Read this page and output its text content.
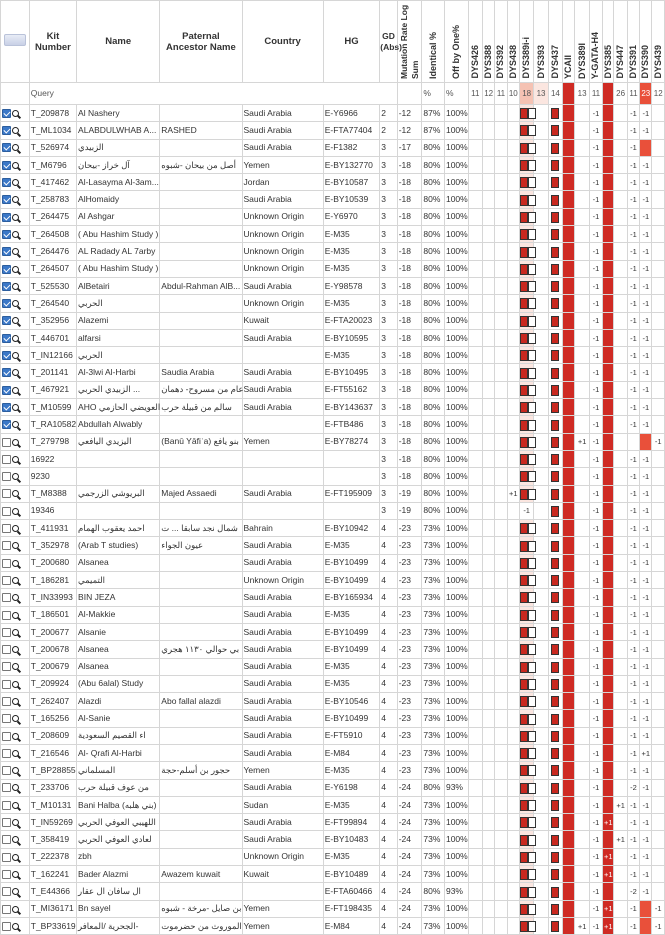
	Kit Number	Name	Paternal Ancestor Name	Country	HG	GD (Abs)	Mutation Rate Log Sum	Identical %	Off by One%	DYS426	DYS388	DYS392	DYS438	DYS389i-i	DYS393	DYS437	YCAII	DYS389I	Y-GATA-H4	DYS385	DYS447	DYS391	DYS390	DYS439

	Query							%	%	11	12	11	10	18	13	14		13	11		26	11	23	12
	T_209878	Al Nashery		Saudi Arabia	E-Y6966	2	-12	87%	100%										-1			-1	-1	
	T_ML1034	ALABDULWHAB A...	RASHED	Saudi Arabia	E-FTA77404	2	-12	87%	100%										-1			-1	-1	
	T_526974	الزبيدي		Saudi Arabia	E-F1382	3	-17	80%	100%										-1			-1		
	T_M6796	آل خراز -بيحان	أصل من بيحان -شبوه	Yemen	E-BY132770	3	-18	80%	100%										-1			-1	-1	
	T_417462	Al-Lasayma Al-3am...		Jordan	E-BY10587	3	-18	80%	100%										-1			-1	-1	
	T_258783	AlHomaidy		Saudi Arabia	E-BY10539	3	-18	80%	100%										-1			-1	-1	
	T_264475	Al Ashgar		Unknown Origin	E-Y6970	3	-18	80%	100%										-1			-1	-1	
	T_264508	( Abu Hashim Study )		Unknown Origin	E-M35	3	-18	80%	100%										-1			-1	-1	
	T_264476	AL Radady AL 7arby		Unknown Origin	E-M35	3	-18	80%	100%										-1			-1	-1	
	T_264507	( Abu Hashim Study )		Unknown Origin	E-M35	3	-18	80%	100%										-1			-1	-1	
	T_525530	AlBetairi	Abdul-Rahman AlB...	Saudi Arabia	E-Y98578	3	-18	80%	100%										-1			-1	-1	
	T_264540	الحربي		Unknown Origin	E-M35	3	-18	80%	100%										-1			-1	-1	
	T_352956	Alazemi		Kuwait	E-FTA20023	3	-18	80%	100%										-1			-1	-1	
	T_446701	alfarsi		Saudi Arabia	E-BY10595	3	-18	80%	100%										-1			-1	-1	
	T_IN12166	الحربي			E-M35	3	-18	80%	100%										-1			-1	-1	
	T_201141	Al-3lwi Al-Harbi	Saudia Arabia	Saudi Arabia	E-BY10495	3	-18	80%	100%										-1			-1	-1	
	T_467921	الزبيدي الحربي ...	عام من مسروح- دهمان	Saudi Arabia	E-FT55162	3	-18	80%	100%										-1			-1	-1	
	T_M10599	AHO العويضي الحازمي	سالم من قبيلة حرب	Saudi Arabia	E-BY143637	3	-18	80%	100%										-1			-1	-1	
	T_RA10582	Abdullah Alwably			E-FTB486	3	-18	80%	100%										-1			-1	-1	
	T_279798	اليزيدي اليافعي	(Banū Yāfiʿa) بنو يافع	Yemen	E-BY78274	3	-18	80%	100%									+1	-1					-1
	16922					3	-18	80%	100%										-1			-1	-1	
	9230					3	-18	80%	100%										-1			-1	-1	
	T_M8388	البريوشي الزرجمي	Majed Assaedi	Saudi Arabia	E-FT195909	3	-19	80%	100%				+1						-1			-1	-1	
	19346					3	-19	80%	100%					-1					-1			-1	-1	
	T_411931	احمد يعقوب الهمام	شمال نجد سابقا ... ت	Bahrain	E-BY10942	4	-23	73%	100%										-1			-1	-1	
	T_352978	(Arab T studies)	عيون الجواء	Saudi Arabia	E-M35	4	-23	73%	100%										-1			-1	-1	
	T_200680	Alsanea		Saudi Arabia	E-BY10499	4	-23	73%	100%										-1			-1	-1	
	T_186281	التميمي		Unknown Origin	E-BY10499	4	-23	73%	100%										-1			-1	-1	
	T_IN33993	BIN JEZA		Saudi Arabia	E-BY165934	4	-23	73%	100%										-1			-1	-1	
	T_186501	Al-Makkie		Saudi Arabia	E-M35	4	-23	73%	100%										-1			-1	-1	
	T_200677	Alsanie		Saudi Arabia	E-BY10499	4	-23	73%	100%										-1			-1	-1	
	T_200678	Alsanea	بي حوالي ١١٣٠ هجري	Saudi Arabia	E-BY10499	4	-23	73%	100%										-1			-1	-1	
	T_200679	Alsanea		Saudi Arabia	E-M35	4	-23	73%	100%										-1			-1	-1	
	T_209924	(Abu 6alal) Study		Saudi Arabia	E-M35	4	-23	73%	100%										-1			-1	-1	
	T_262407	Alazdi	Abo fallal alazdi	Saudi Arabia	E-BY10546	4	-23	73%	100%										-1			-1	-1	
	T_165256	Al-Sanie		Saudi Arabia	E-BY10499	4	-23	73%	100%										-1			-1	-1	
	T_208609	اء القصيم السعودية		Saudi Arabia	E-FT5910	4	-23	73%	100%										-1			-1	-1	
	T_216546	Al- Qrafi Al-Harbi		Saudi Arabia	E-M84	4	-23	73%	100%										-1			-1	+1	
	T_BP28855	المسلماني	حجور بن أسلم-حجة	Yemen	E-M35	4	-23	73%	100%										-1			-1	-1	
	T_233706	من عوف قبيلة حرب		Saudi Arabia	E-Y6198	4	-24	80%	93%										-1			-2	-1	
	T_M10131	Bani Halba (بني هلبه)		Sudan	E-M35	4	-24	73%	100%										-1		+1	-1	-1	
	T_IN59269	اللهيبي العوفي الحربي		Saudi Arabia	E-FT99894	4	-24	73%	100%										-1	+1		-1	-1	
	T_358419	لعادي العوفي الحربي		Saudi Arabia	E-BY10483	4	-24	73%	100%										-1		+1	-1	-1	
	T_222378	zbh		Unknown Origin	E-M35	4	-24	73%	100%										-1	+1		-1	-1	
	T_162241	Bader Alazmi	Awazem kuwait	Kuwait	E-BY10489	4	-24	73%	100%										-1	+1		-1	-1	
	T_E44366	ال سافان ال عقار			E-FTA60466	4	-24	80%	93%										-1			-2	-1	
	T_MI36171	Bn sayel	بن صايل -مرخة - شبوه	Yemen	E-FT198435	4	-24	73%	100%										-1	+1		-1		-1
	T_BP33619	الجحرية /المعافر-	الموروث من حضرموت	Yemen	E-M84	4	-24	73%	100%									+1	-1	+1		-1		-1
